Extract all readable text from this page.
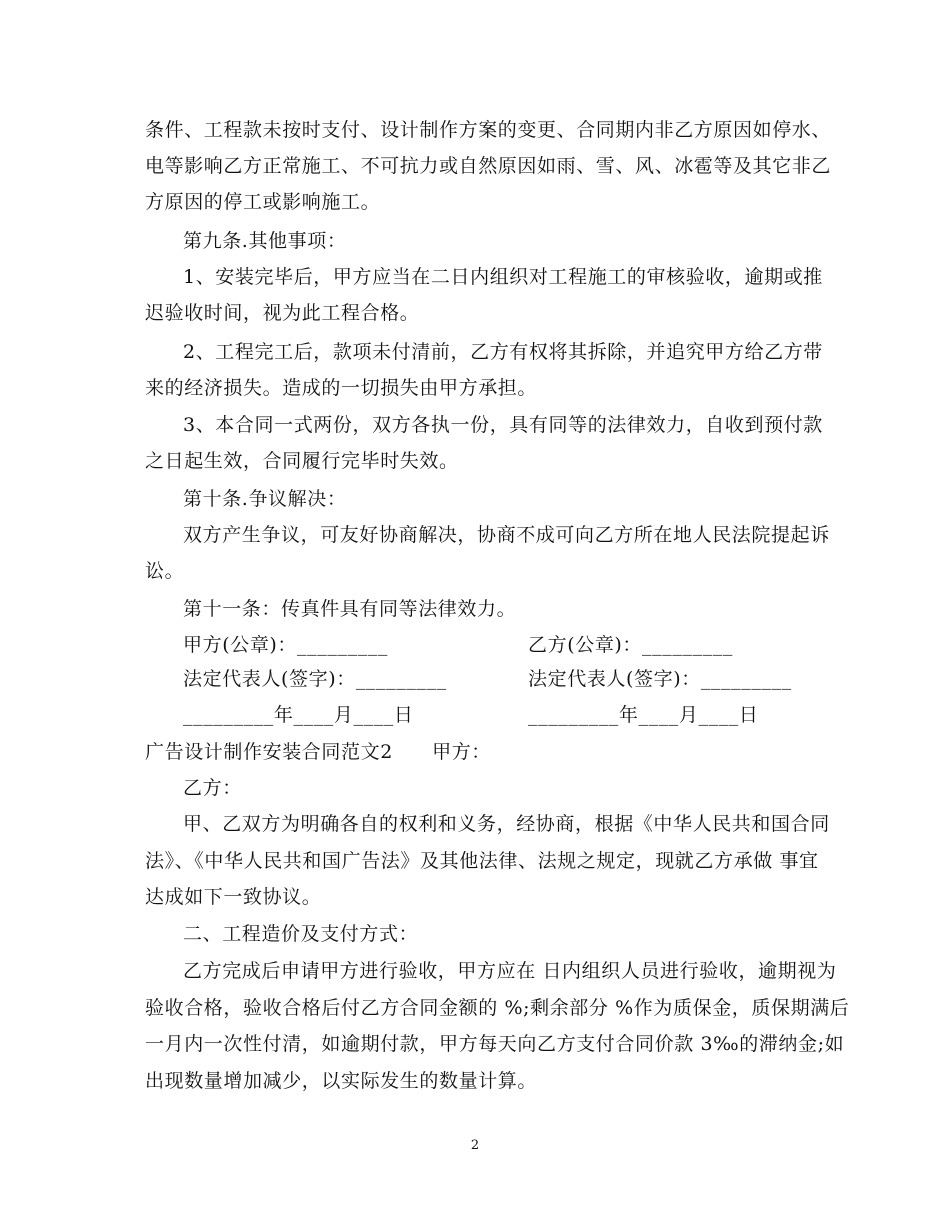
条件、工程款未按时支付、设计制作方案的变更、合同期内非乙方原因如停水、
电等影响乙方正常施工、不可抗力或自然原因如雨、雪、风、冰雹等及其它非乙
方原因的停工或影响施工。
第九条.其他事项：
1、安装完毕后，甲方应当在二日内组织对工程施工的审核验收，逾期或推
迟验收时间，视为此工程合格。
2、工程完工后，款项未付清前，乙方有权将其拆除，并追究甲方给乙方带
来的经济损失。造成的一切损失由甲方承担。
3、本合同一式两份，双方各执一份，具有同等的法律效力，自收到预付款
之日起生效，合同履行完毕时失效。
第十条.争议解决：
双方产生争议，可友好协商解决，协商不成可向乙方所在地人民法院提起诉
讼。
第十一条：传真件具有同等法律效力。
甲方(公章)：_________	乙方(公章)：_________
法定代表人(签字)：_________	法定代表人(签字)：_________
_________年____月____日	_________年____月____日
广告设计制作安装合同范文2　　甲方：
乙方：
甲、乙双方为明确各自的权利和义务，经协商，根据《中华人民共和国合同
法》、《中华人民共和国广告法》及其他法律、法规之规定，现就乙方承做 事宜
达成如下一致协议。
二、工程造价及支付方式：
乙方完成后申请甲方进行验收，甲方应在 日内组织人员进行验收，逾期视为
验收合格，验收合格后付乙方合同金额的 %;剩余部分 %作为质保金，质保期满后
一月内一次性付清，如逾期付款，甲方每天向乙方支付合同价款 3‰的滞纳金;如
出现数量增加减少，以实际发生的数量计算。
2
